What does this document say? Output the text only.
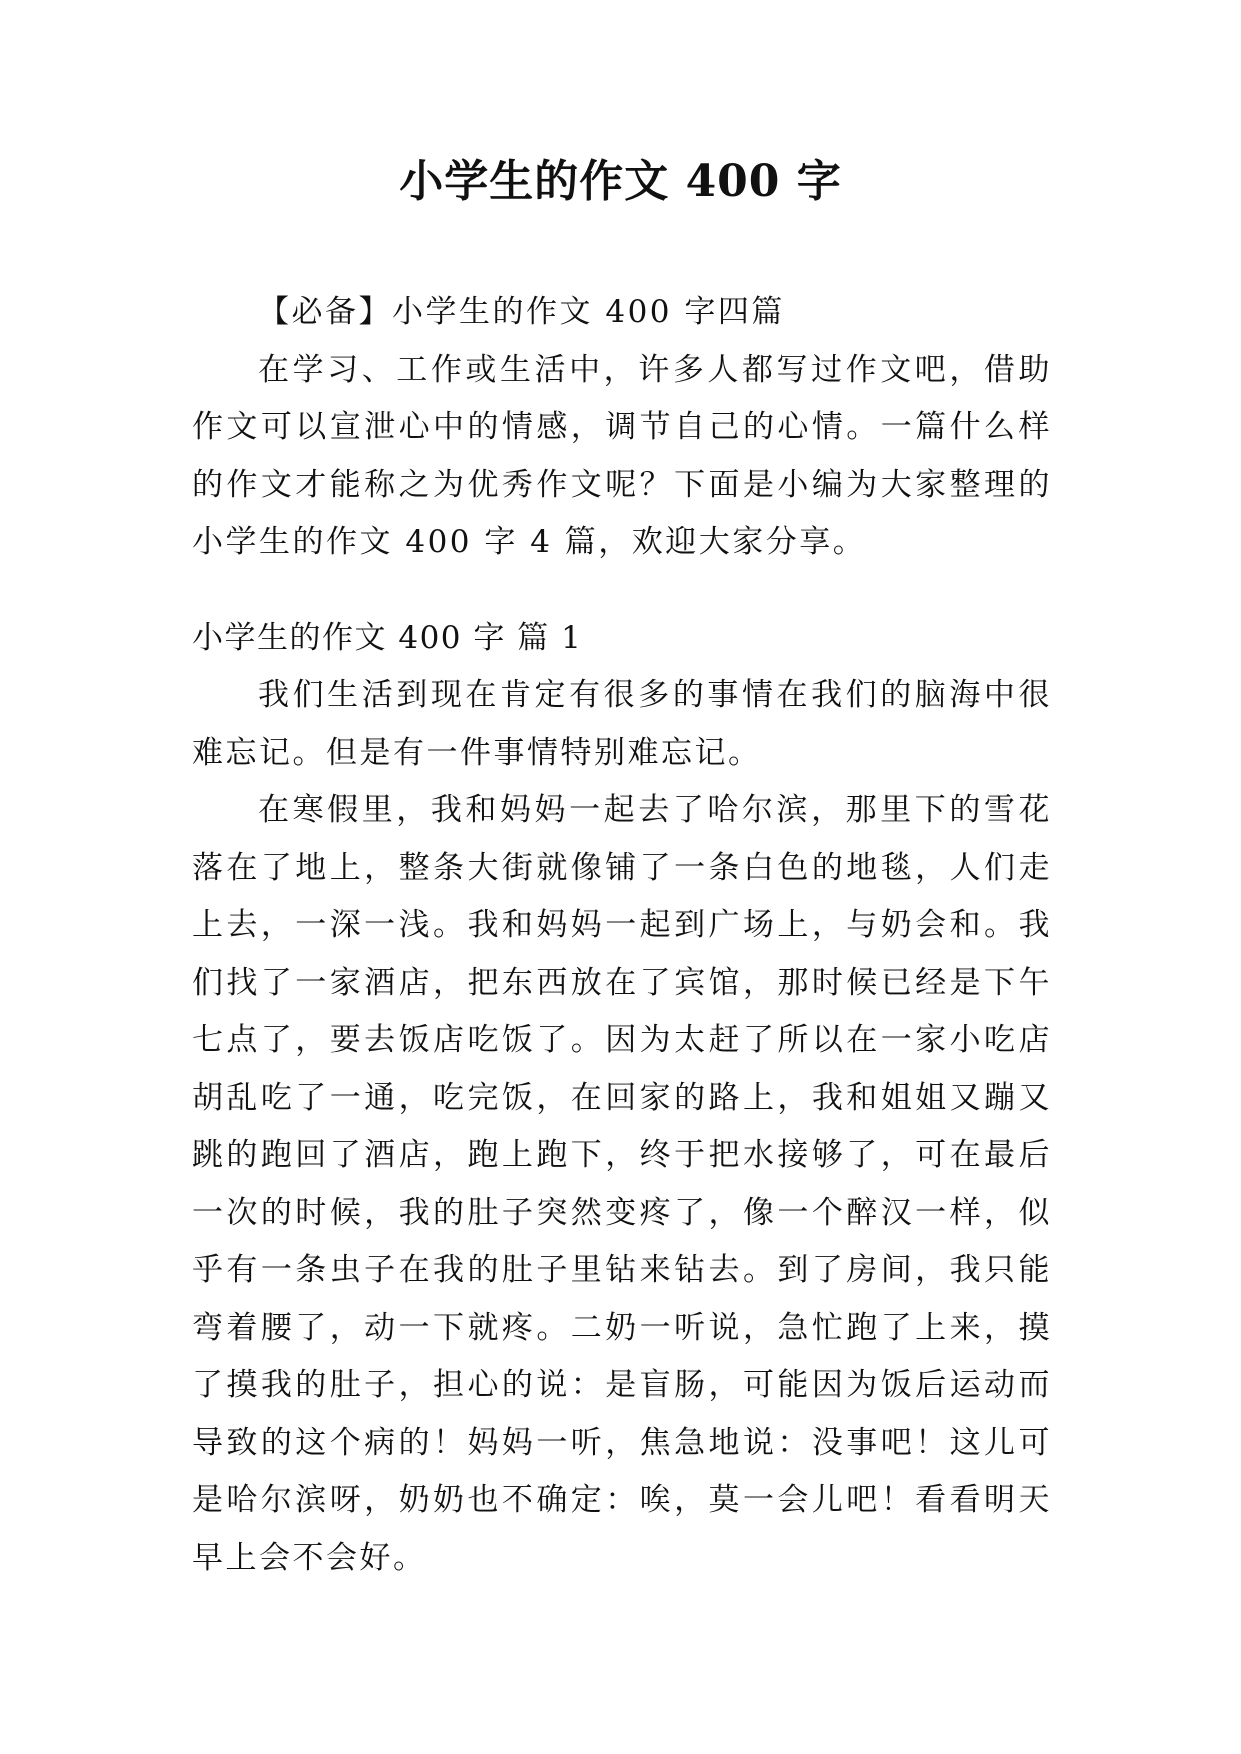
小学生的作文 400 字

【必备】小学生的作文 400 字四篇

在学习、工作或生活中，许多人都写过作文吧，借助作文可以宣泄心中的情感，调节自己的心情。一篇什么样的作文才能称之为优秀作文呢？下面是小编为大家整理的小学生的作文 400 字 4 篇，欢迎大家分享。

小学生的作文 400 字 篇 1

我们生活到现在肯定有很多的事情在我们的脑海中很难忘记。但是有一件事情特别难忘记。

在寒假里，我和妈妈一起去了哈尔滨，那里下的雪花落在了地上，整条大街就像铺了一条白色的地毯，人们走上去，一深一浅。我和妈妈一起到广场上，与奶会和。我们找了一家酒店，把东西放在了宾馆，那时候已经是下午七点了，要去饭店吃饭了。因为太赶了所以在一家小吃店胡乱吃了一通，吃完饭，在回家的路上，我和姐姐又蹦又跳的跑回了酒店，跑上跑下，终于把水接够了，可在最后一次的时候，我的肚子突然变疼了，像一个醉汉一样，似乎有一条虫子在我的肚子里钻来钻去。到了房间，我只能弯着腰了，动一下就疼。二奶一听说，急忙跑了上来，摸了摸我的肚子，担心的说：是盲肠，可能因为饭后运动而导致的这个病的！妈妈一听，焦急地说：没事吧！这儿可是哈尔滨呀，奶奶也不确定：唉，莫一会儿吧！看看明天早上会不会好。
